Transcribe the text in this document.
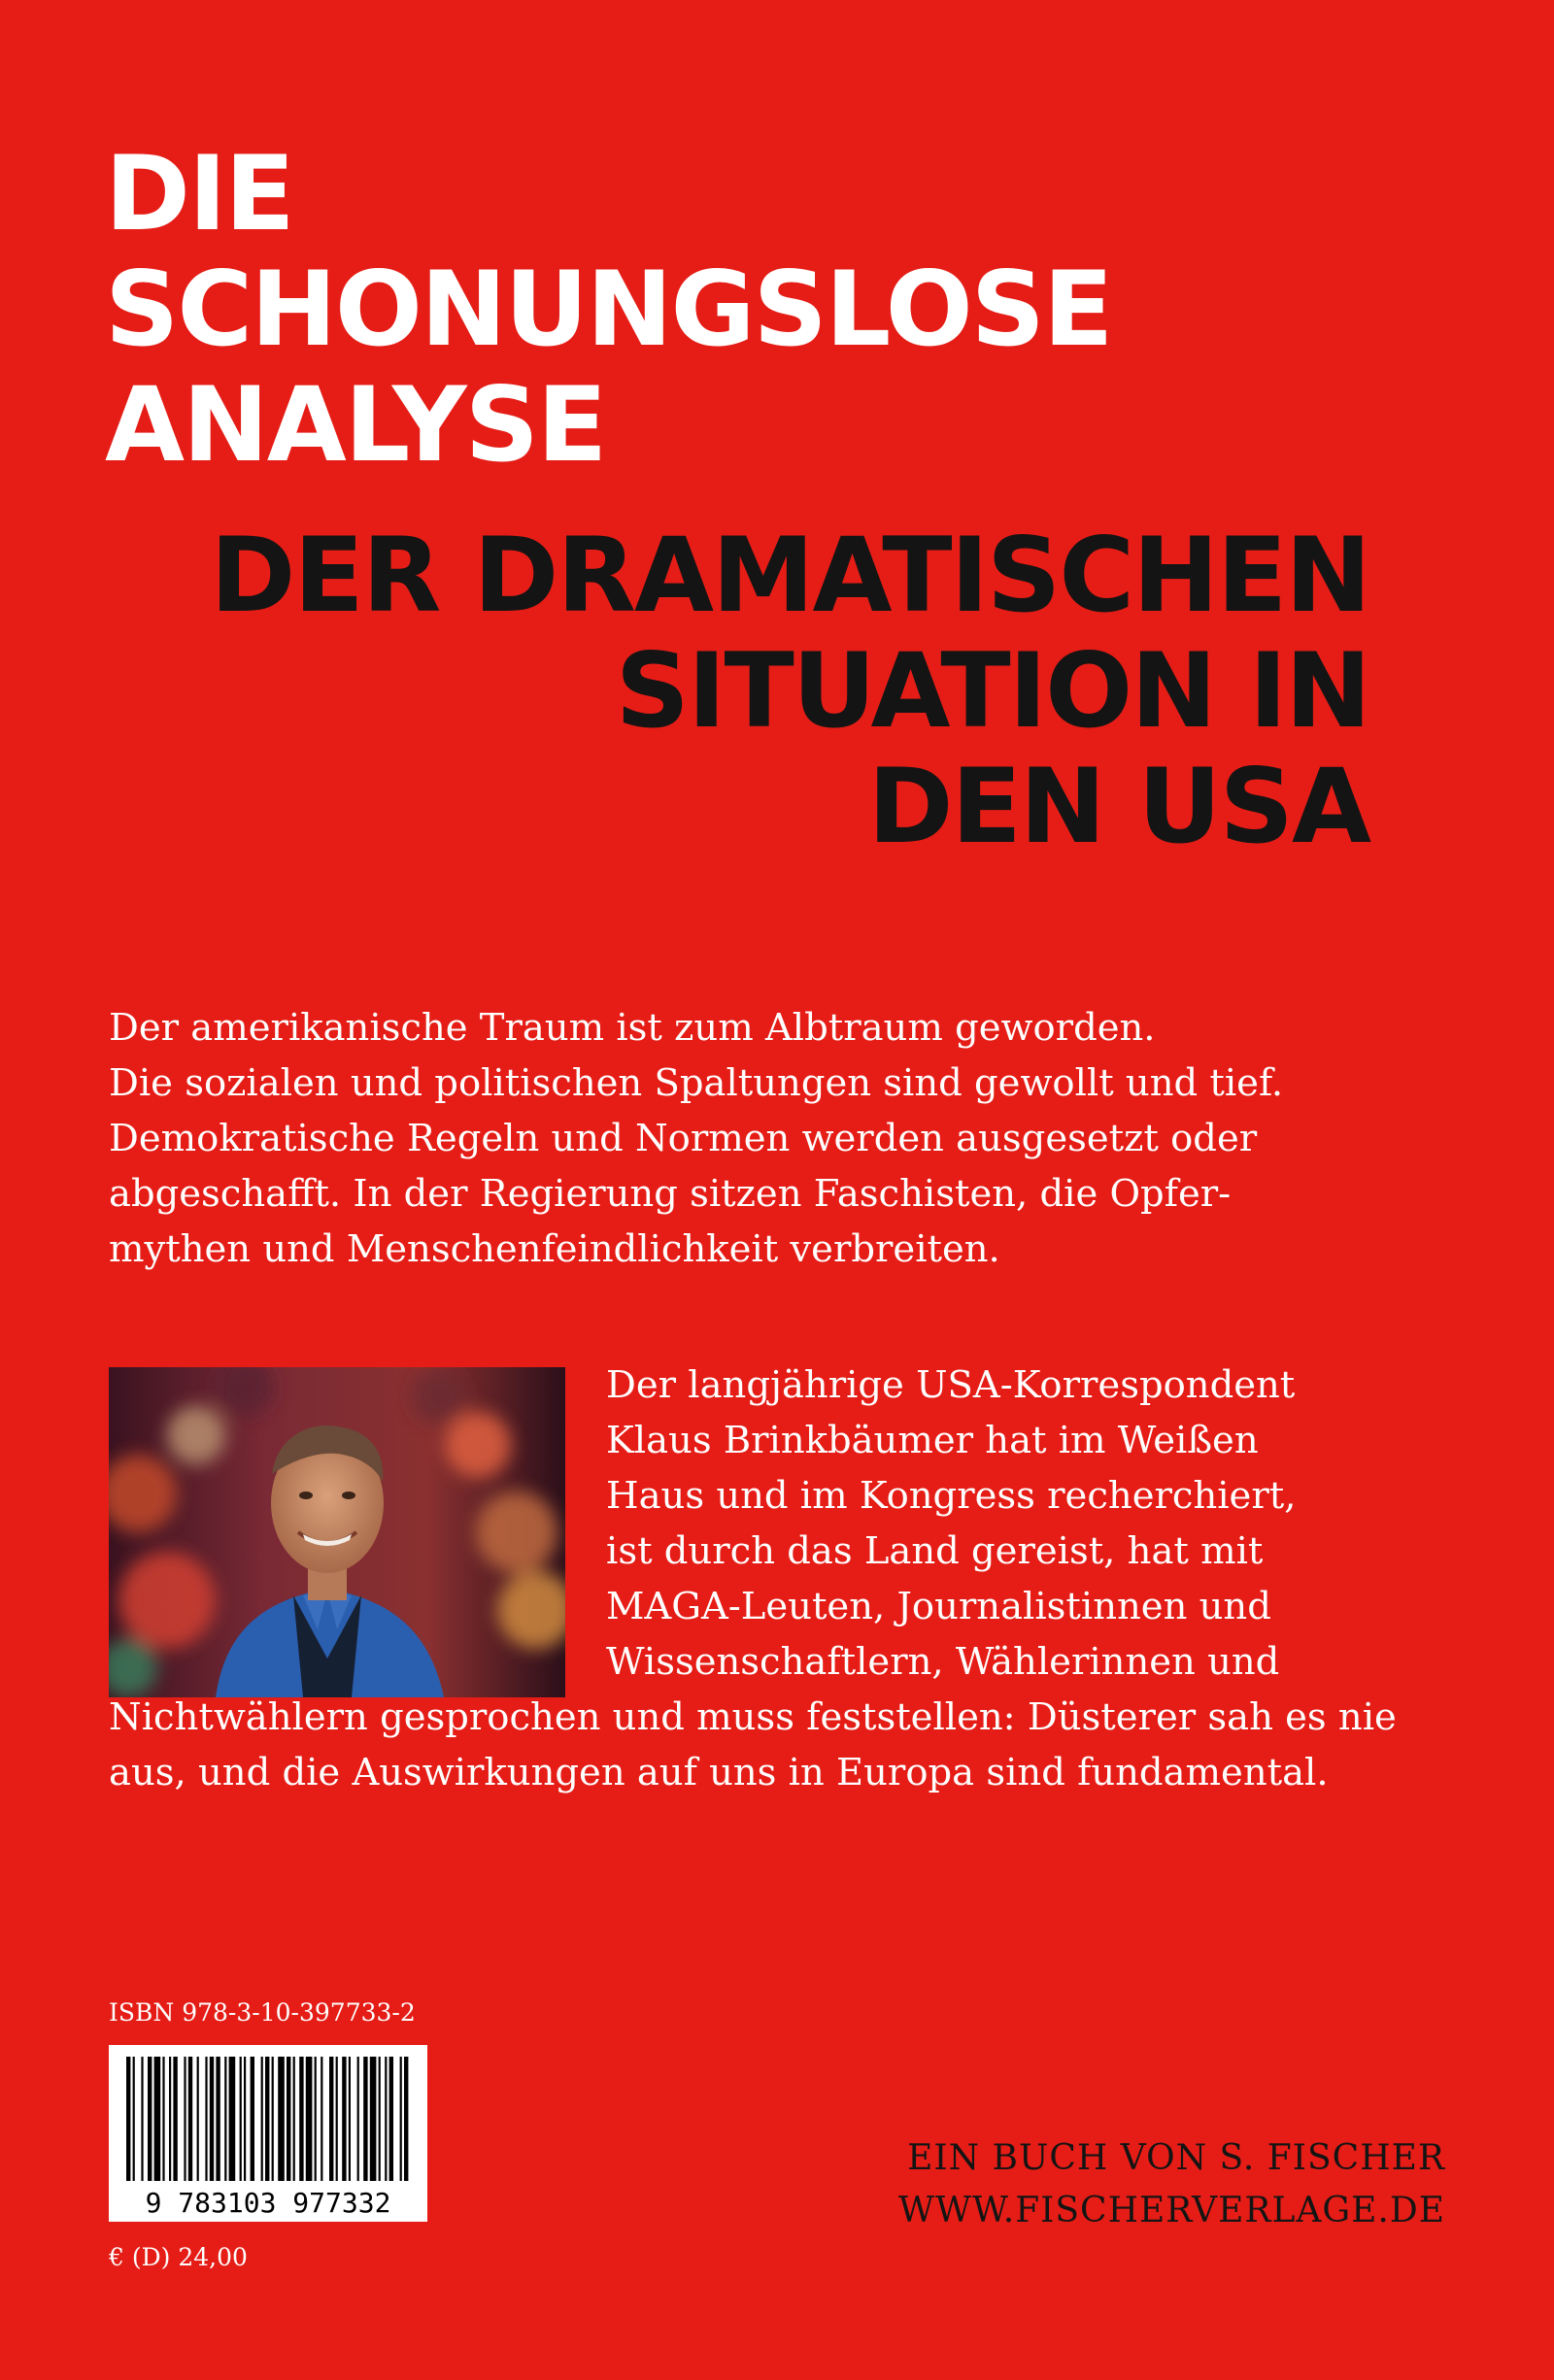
DIE
SCHONUNGSLOSE
ANALYSE
DER DRAMATISCHEN
SITUATION IN
DEN USA

Der amerikanische Traum ist zum Albtraum geworden.
Die sozialen und politischen Spaltungen sind gewollt und tief.
Demokratische Regeln und Normen werden ausgesetzt oder
abgeschafft. In der Regierung sitzen Faschisten, die Opfer-
mythen und Menschenfeindlichkeit verbreiten.

Der langjährige USA-Korrespondent
Klaus Brinkbäumer hat im Weißen
Haus und im Kongress recherchiert,
ist durch das Land gereist, hat mit
MAGA-Leuten, Journalistinnen und
Wissenschaftlern, Wählerinnen und
Nichtwählern gesprochen und muss feststellen: Düsterer sah es nie
aus, und die Auswirkungen auf uns in Europa sind fundamental.

ISBN 978-3-10-397733-2
9 783103 977332
€ (D) 24,00
EIN BUCH VON S. FISCHER
WWW.FISCHERVERLAGE.DE
